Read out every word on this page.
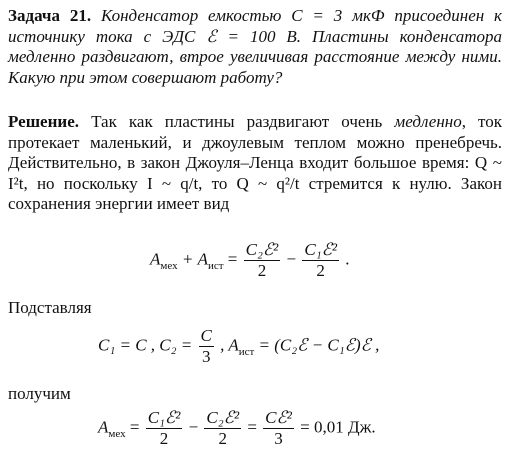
Задача 21. Конденсатор емкостью C = 3 мкФ присоединен к источнику тока с ЭДС ℰ = 100 В. Пластины конденсатора медленно раздвигают, втрое увеличивая расстояние между ними. Какую при этом совершают работу?

Решение. Так как пластины раздвигают очень медленно, ток протекает маленький, и джоулевым теплом можно пренебречь. Действительно, в закон Джоуля–Ленца входит большое время: Q ~ I²t, но поскольку I ~ q/t, то Q ~ q²/t стремится к нулю. Закон сохранения энергии имеет вид

$A_{мех} + A_{ист} = \frac{\text{C₂ℰ²}}{2} - \frac{\text{C₁ℰ²}}{2}$ .
Подставляя
C₁ = C , $C_2 = \frac{C}{3}$ , $A_{ист}$ = (C₂ℰ − C₁ℰ)ℰ ,
получим
$A_{мех} = \frac{\text{C₁ℰ²}}{2} - \frac{\text{C₂ℰ²}}{2} = \frac{\text{Cℰ²}}{3} = 0,01$ Дж.
